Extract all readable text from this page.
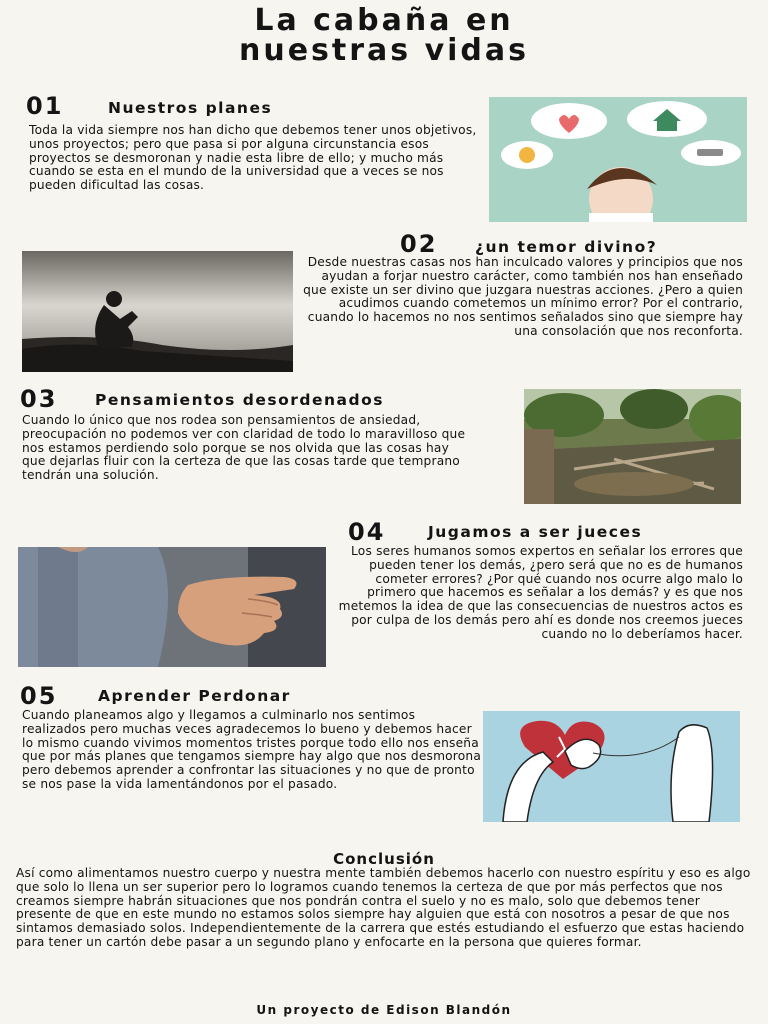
La cabaña en
nuestras vidas
01	Nuestros planes
Toda la vida siempre nos han dicho que debemos tener unos objetivos, unos proyectos; pero que pasa si por alguna circunstancia esos proyectos se desmoronan y nadie esta libre de ello; y mucho más cuando se esta en el mundo de la universidad que a veces se nos pueden dificultad las cosas.
02 ¿un temor divino?
Desde nuestras casas nos han inculcado valores y principios que nos ayudan a forjar nuestro carácter, como también nos han enseñado que existe un ser divino que juzgara nuestras acciones. ¿Pero a quien acudimos cuando cometemos un mínimo error? Por el contrario, cuando lo hacemos no nos sentimos señalados sino que siempre hay una consolación que nos reconforta.
03 Pensamientos desordenados
Cuando lo único que nos rodea son pensamientos de ansiedad, preocupación no podemos ver con claridad de todo lo maravilloso que nos estamos perdiendo solo porque se nos olvida que las cosas hay que dejarlas fluir con la certeza de que las cosas tarde que temprano tendrán una solución.
04	Jugamos a ser jueces
Los seres humanos somos expertos en señalar los errores que pueden tener los demás, ¿pero será que no es de humanos cometer errores? ¿Por qué cuando nos ocurre algo malo lo primero que hacemos es señalar a los demás? y es que nos metemos la idea de que las consecuencias de nuestros actos es por culpa de los demás pero ahí es donde nos creemos jueces cuando no lo deberíamos hacer.
05	Aprender Perdonar
Cuando planeamos algo y llegamos a culminarlo nos sentimos realizados pero muchas veces agradecemos lo bueno y debemos hacer lo mismo cuando vivimos momentos tristes porque todo ello nos enseña que por más planes que tengamos siempre hay algo que nos desmorona pero debemos aprender a confrontar las situaciones y no que de pronto se nos pase la vida lamentándonos por el pasado.
Conclusión
Así como alimentamos nuestro cuerpo y nuestra mente también debemos hacerlo con nuestro espíritu y eso es algo que solo lo llena un ser superior pero lo logramos cuando tenemos la certeza de que por más perfectos que nos creamos siempre habrán situaciones que nos pondrán contra el suelo y no es malo, solo que debemos tener presente de que en este mundo no estamos solos siempre hay alguien que está con nosotros a pesar de que nos sintamos demasiado solos. Independientemente de la carrera que estés estudiando el esfuerzo que estas haciendo para tener un cartón debe pasar a un segundo plano y enfocarte en la persona que quieres formar.
Un proyecto de Edison Blandón
